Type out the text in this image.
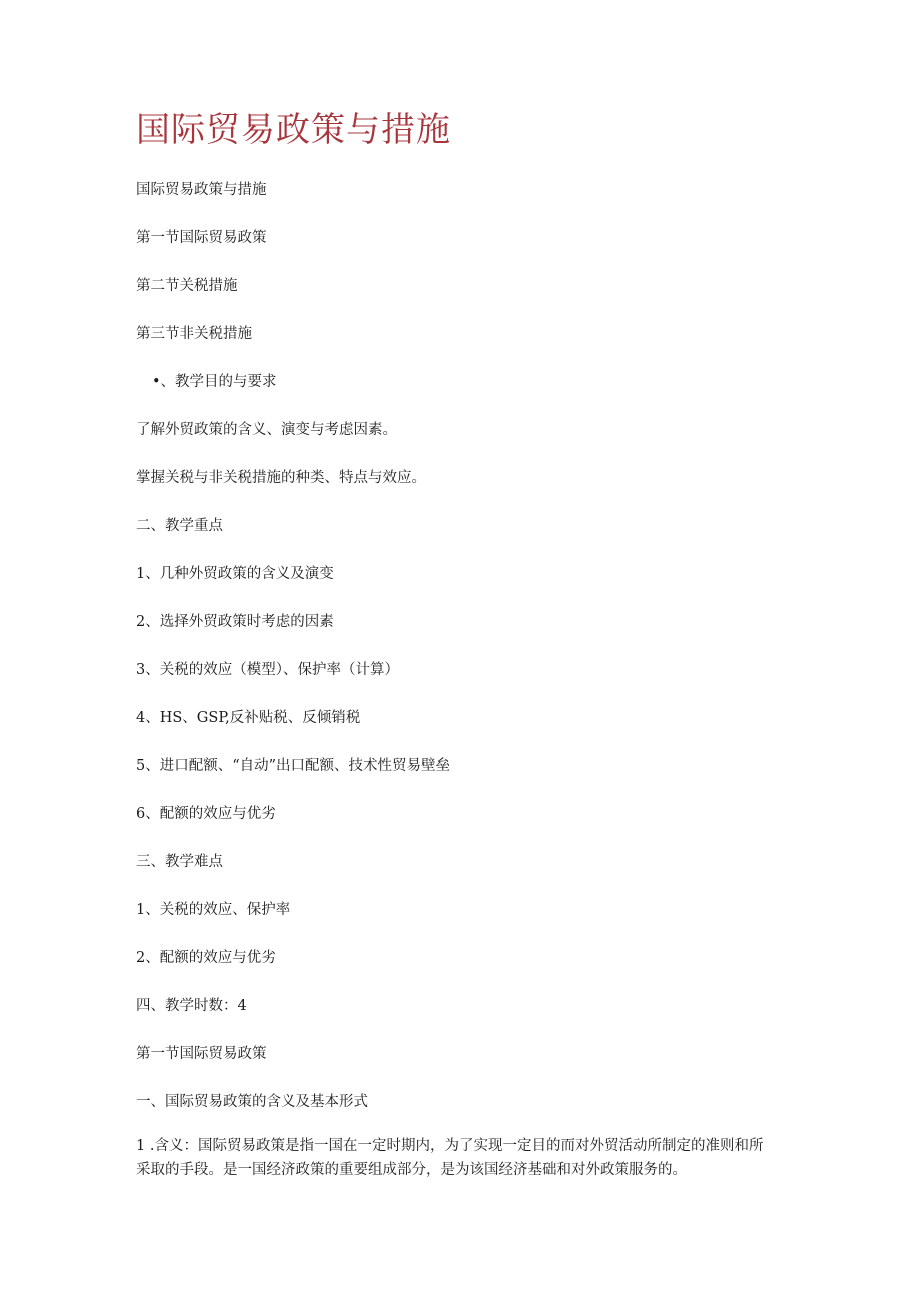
国际贸易政策与措施

国际贸易政策与措施

第一节国际贸易政策

第二节关税措施

第三节非关税措施

•、教学目的与要求

了解外贸政策的含义、演变与考虑因素。

掌握关税与非关税措施的种类、特点与效应。

二、教学重点

1、几种外贸政策的含义及演变

2、选择外贸政策时考虑的因素

3、关税的效应（模型）、保护率（计算）

4、HS、GSP,反补贴税、反倾销税

5、进口配额、“自动”出口配额、技术性贸易壁垒

6、配额的效应与优劣

三、教学难点

1、关税的效应、保护率

2、配额的效应与优劣

四、教学时数：4

第一节国际贸易政策

一、国际贸易政策的含义及基本形式

1 .含义：国际贸易政策是指一国在一定时期内，为了实现一定目的而对外贸活动所制定的准则和所采取的手段。是一国经济政策的重要组成部分，是为该国经济基础和对外政策服务的。
